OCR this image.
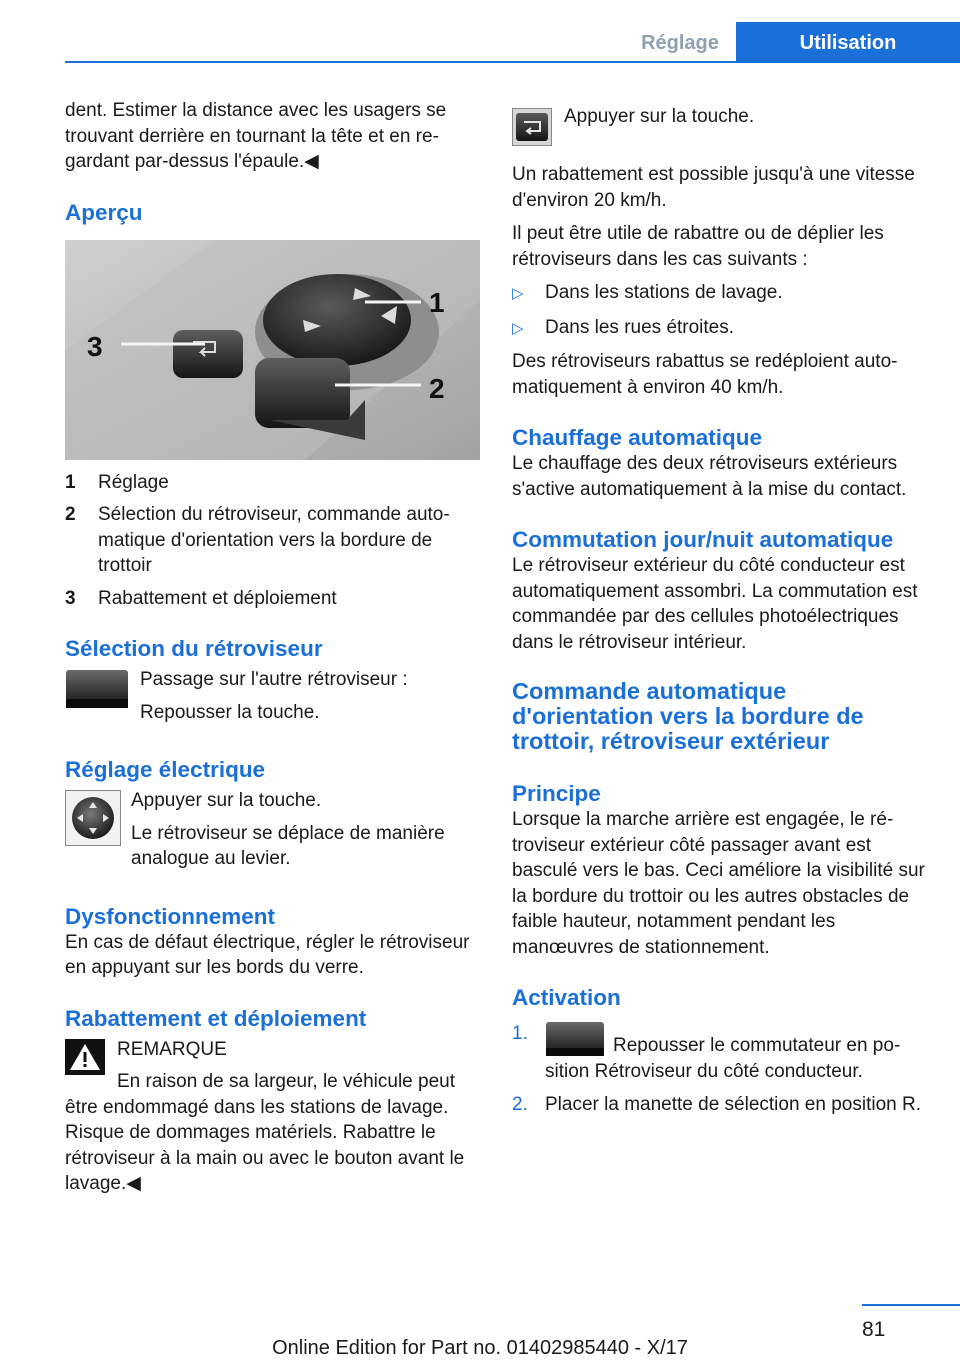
Réglage	Utilisation

dent. Estimer la distance avec les usagers se trouvant derrière en tournant la tête et en regardant par-dessus l'épaule.◀

Aperçu
1
2
3
1	Réglage
2	Sélection du rétroviseur, commande automatique d'orientation vers la bordure de trottoir
3	Rabattement et déploiement
Sélection du rétroviseur

Passage sur l'autre rétroviseur :

Repousser la touche.

Réglage électrique

Appuyer sur la touche.

Le rétroviseur se déplace de manière analogue au levier.

Dysfonctionnement

En cas de défaut électrique, régler le rétroviseur en appuyant sur les bords du verre.

Rabattement et déploiement

REMARQUE

En raison de sa largeur, le véhicule peut

être endommagé dans les stations de lavage. Risque de dommages matériels. Rabattre le rétroviseur à la main ou avec le bouton avant le lavage.◀

Appuyer sur la touche.

Un rabattement est possible jusqu'à une vitesse d'environ 20 km/h.

Il peut être utile de rabattre ou de déplier les rétroviseurs dans les cas suivants :

▷	Dans les stations de lavage.
▷	Dans les rues étroites.

Des rétroviseurs rabattus se redéploient automatiquement à environ 40 km/h.

Chauffage automatique

Le chauffage des deux rétroviseurs extérieurs s'active automatiquement à la mise du contact.

Commutation jour/nuit automatique

Le rétroviseur extérieur du côté conducteur est automatiquement assombri. La commutation est commandée par des cellules photoélectriques dans le rétroviseur intérieur.

Commande automatique d'orientation vers la bordure de trottoir, rétroviseur extérieur
Principe

Lorsque la marche arrière est engagée, le rétroviseur extérieur côté passager avant est basculé vers le bas. Ceci améliore la visibilité sur la bordure du trottoir ou les autres obstacles de faible hauteur, notamment pendant les manœuvres de stationnement.

Activation
1.
Repousser le commutateur en position Rétroviseur du côté conducteur.
2. Placer la manette de sélection en position R.
81
Online Edition for Part no. 01402985440 - X/17
